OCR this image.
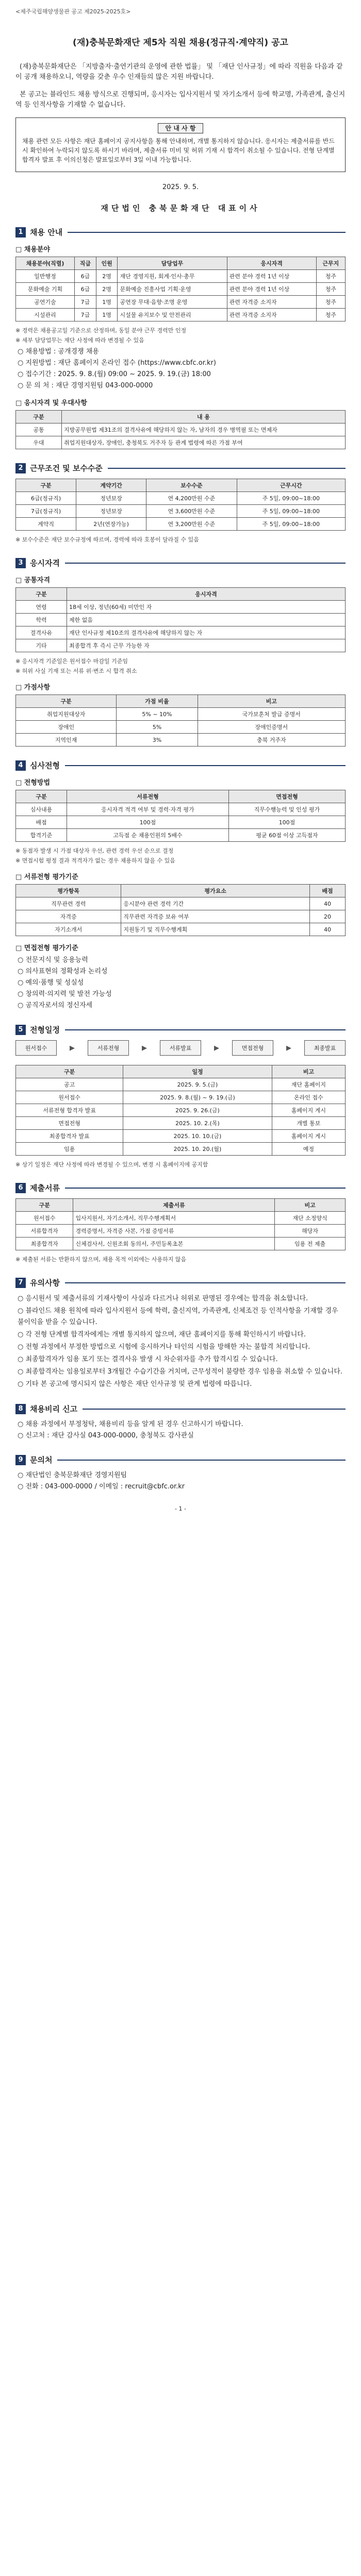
<제주국립해양생물관 공고 제2025-2025호>
(재)충북문화재단 제5차 직원 채용(정규직·계약직) 공고

(재)충북문화재단은 「지방출자·출연기관의 운영에 관한 법률」 및 「재단 인사규정」에 따라 직원을 다음과 같이 공개 채용하오니, 역량을 갖춘 우수 인재들의 많은 지원 바랍니다.

본 공고는 블라인드 채용 방식으로 진행되며, 응시자는 입사지원서 및 자기소개서 등에 학교명, 가족관계, 출신지역 등 인적사항을 기재할 수 없습니다.

안 내 사 항
채용 관련 모든 사항은 재단 홈페이지 공지사항을 통해 안내하며, 개별 통지하지 않습니다. 응시자는 제출서류를 반드시 확인하여 누락되지 않도록 하시기 바라며, 제출서류 미비 및 허위 기재 시 합격이 취소될 수 있습니다. 전형 단계별 합격자 발표 후 이의신청은 발표일로부터 3일 이내 가능합니다.
2025. 9. 5.
재단법인 충북문화재단 대표이사
1 채용 안내
□ 채용분야
채용분야(직렬)	직급	인원	담당업무	응시자격	근무지
일반행정	6급	2명	재단 경영지원, 회계·인사·총무	관련 분야 경력 1년 이상	청주
문화예술 기획	6급	2명	문화예술 진흥사업 기획·운영	관련 분야 경력 1년 이상	청주
공연기술	7급	1명	공연장 무대·음향·조명 운영	관련 자격증 소지자	청주
시설관리	7급	1명	시설물 유지보수 및 안전관리	관련 자격증 소지자	청주
※ 경력은 채용공고일 기준으로 산정하며, 동일 분야 근무 경력만 인정
※ 세부 담당업무는 재단 사정에 따라 변경될 수 있음
○ 채용방법 : 공개경쟁 채용
○ 지원방법 : 재단 홈페이지 온라인 접수 (https://www.cbfc.or.kr)
○ 접수기간 : 2025. 9. 8.(월) 09:00 ~ 2025. 9. 19.(금) 18:00
○ 문 의 처 : 재단 경영지원팀 043-000-0000
□ 응시자격 및 우대사항
구분	내 용
공통	지방공무원법 제31조의 결격사유에 해당하지 않는 자, 남자의 경우 병역필 또는 면제자
우대	취업지원대상자, 장애인, 충청북도 거주자 등 관계 법령에 따른 가점 부여
2 근무조건 및 보수수준
구분	계약기간	보수수준	근무시간
6급(정규직)	정년보장	연 4,200만원 수준	주 5일, 09:00~18:00
7급(정규직)	정년보장	연 3,600만원 수준	주 5일, 09:00~18:00
계약직	2년(연장가능)	연 3,200만원 수준	주 5일, 09:00~18:00
※ 보수수준은 재단 보수규정에 따르며, 경력에 따라 호봉이 달라질 수 있음
3 응시자격
□ 공통자격
구분	응시자격
연령	18세 이상, 정년(60세) 미만인 자
학력	제한 없음
결격사유	재단 인사규정 제10조의 결격사유에 해당하지 않는 자
기타	최종합격 후 즉시 근무 가능한 자
※ 응시자격 기준일은 원서접수 마감일 기준임
※ 허위 사실 기재 또는 서류 위·변조 시 합격 취소
□ 가점사항
구분	가점 비율	비고
취업지원대상자	5% ~ 10%	국가보훈처 발급 증명서
장애인	5%	장애인증명서
지역인재	3%	충북 거주자
4 심사전형
□ 전형방법
구분	서류전형	면접전형
심사내용	응시자격 적격 여부 및 경력·자격 평가	직무수행능력 및 인성 평가
배점	100점	100점
합격기준	고득점 순 채용인원의 5배수	평균 60점 이상 고득점자
※ 동점자 발생 시 가점 대상자 우선, 관련 경력 우선 순으로 결정
※ 면접시험 평정 결과 적격자가 없는 경우 채용하지 않을 수 있음
□ 서류전형 평가기준
평가항목	평가요소	배점
직무관련 경력	응시분야 관련 경력 기간	40
자격증	직무관련 자격증 보유 여부	20
자기소개서	지원동기 및 직무수행계획	40
□ 면접전형 평가기준
○ 전문지식 및 응용능력
○ 의사표현의 정확성과 논리성
○ 예의·품행 및 성실성
○ 창의력·의지력 및 발전 가능성
○ 공직자로서의 정신자세
5 전형일정
원서접수	▶	서류전형	▶	서류발표	▶	면접전형	▶	최종발표
구분	일정	비고
공고	2025. 9. 5.(금)	재단 홈페이지
원서접수	2025. 9. 8.(월) ~ 9. 19.(금)	온라인 접수
서류전형 합격자 발표	2025. 9. 26.(금)	홈페이지 게시
면접전형	2025. 10. 2.(목)	개별 통보
최종합격자 발표	2025. 10. 10.(금)	홈페이지 게시
임용	2025. 10. 20.(월)	예정
※ 상기 일정은 재단 사정에 따라 변경될 수 있으며, 변경 시 홈페이지에 공지함
6 제출서류
구분	제출서류	비고
원서접수	입사지원서, 자기소개서, 직무수행계획서	재단 소정양식
서류합격자	경력증명서, 자격증 사본, 가점 증빙서류	해당자
최종합격자	신체검사서, 신원조회 동의서, 주민등록초본	임용 전 제출
※ 제출된 서류는 반환하지 않으며, 채용 목적 이외에는 사용하지 않음
7 유의사항
○ 응시원서 및 제출서류의 기재사항이 사실과 다르거나 허위로 판명된 경우에는 합격을 취소합니다.
○ 블라인드 채용 원칙에 따라 입사지원서 등에 학력, 출신지역, 가족관계, 신체조건 등 인적사항을 기재할 경우 불이익을 받을 수 있습니다.
○ 각 전형 단계별 합격자에게는 개별 통지하지 않으며, 재단 홈페이지를 통해 확인하시기 바랍니다.
○ 전형 과정에서 부정한 방법으로 시험에 응시하거나 타인의 시험을 방해한 자는 불합격 처리합니다.
○ 최종합격자가 임용 포기 또는 결격사유 발생 시 차순위자를 추가 합격시킬 수 있습니다.
○ 최종합격자는 임용일로부터 3개월간 수습기간을 거치며, 근무성적이 불량한 경우 임용을 취소할 수 있습니다.
○ 기타 본 공고에 명시되지 않은 사항은 재단 인사규정 및 관계 법령에 따릅니다.
8 채용비리 신고
○ 채용 과정에서 부정청탁, 채용비리 등을 알게 된 경우 신고하시기 바랍니다.
○ 신고처 : 재단 감사실 043-000-0000, 충청북도 감사관실
9 문의처
○ 재단법인 충북문화재단 경영지원팀
○ 전화 : 043-000-0000 / 이메일 : recruit@cbfc.or.kr
- 1 -
